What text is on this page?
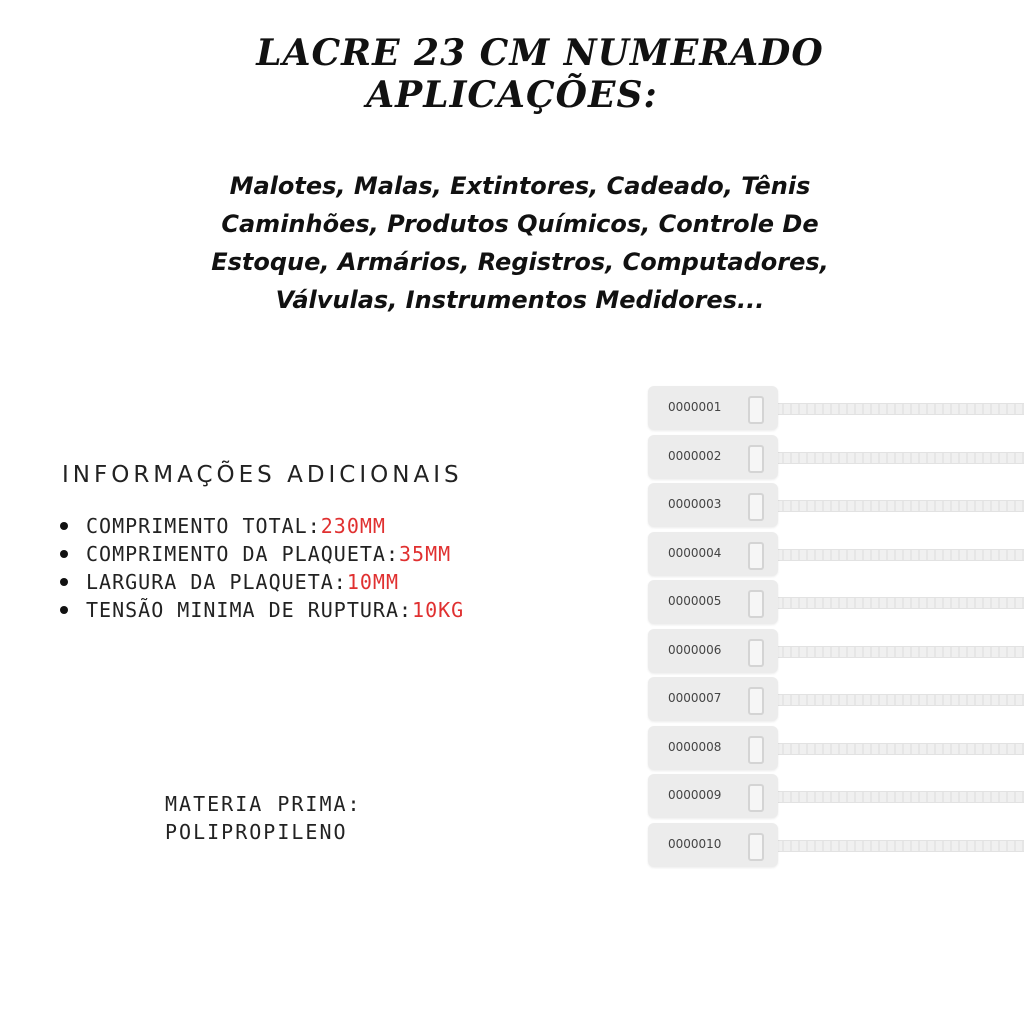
LACRE 23 CM NUMERADO
APLICAÇÕES:
Malotes, Malas, Extintores, Cadeado, Tênis
Caminhões, Produtos Químicos, Controle De
Estoque, Armários, Registros, Computadores,
Válvulas, Instrumentos Medidores...
INFORMAÇÕES ADICIONAIS
COMPRIMENTO TOTAL: 230MM
COMPRIMENTO DA PLAQUETA: 35MM
LARGURA DA PLAQUETA: 10MM
TENSÃO MINIMA DE RUPTURA: 10KG
MATERIA PRIMA:
POLIPROPILENO
0000001
0000002
0000003
0000004
0000005
0000006
0000007
0000008
0000009
0000010
